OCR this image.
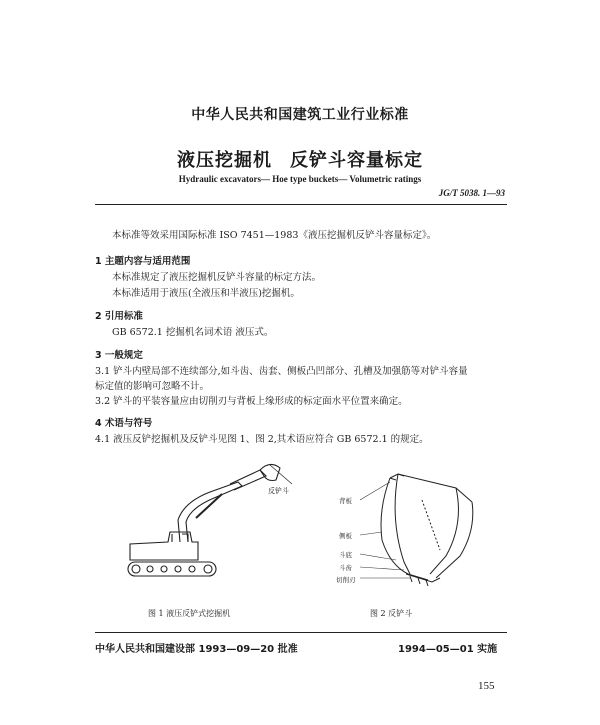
中华人民共和国建筑工业行业标准
液压挖掘机 反铲斗容量标定
Hydraulic excavators— Hoe type buckets— Volumetric ratings
JG/T 5038. 1—93
本标准等效采用国际标准 ISO 7451—1983《液压挖掘机反铲斗容量标定》。
1 主题内容与适用范围
本标准规定了液压挖掘机反铲斗容量的标定方法。
本标准适用于液压(全液压和半液压)挖掘机。
2 引用标准
GB 6572.1 挖掘机名词术语 液压式。
3 一般规定
3.1 铲斗内壁局部不连续部分,如斗齿、齿套、侧板凸凹部分、孔槽及加强筋等对铲斗容量
标定值的影响可忽略不计。
3.2 铲斗的平装容量应由切削刃与背板上缘形成的标定面水平位置来确定。
4 术语与符号
4.1 液压反铲挖掘机及反铲斗见图 1、图 2,其术语应符合 GB 6572.1 的规定。
反铲斗
背板
侧板
斗底
斗齿
切削刃
图 1 液压反铲式挖掘机	图 2 反铲斗
中华人民共和国建设部 1993—09—20 批准	1994—05—01 实施
155
